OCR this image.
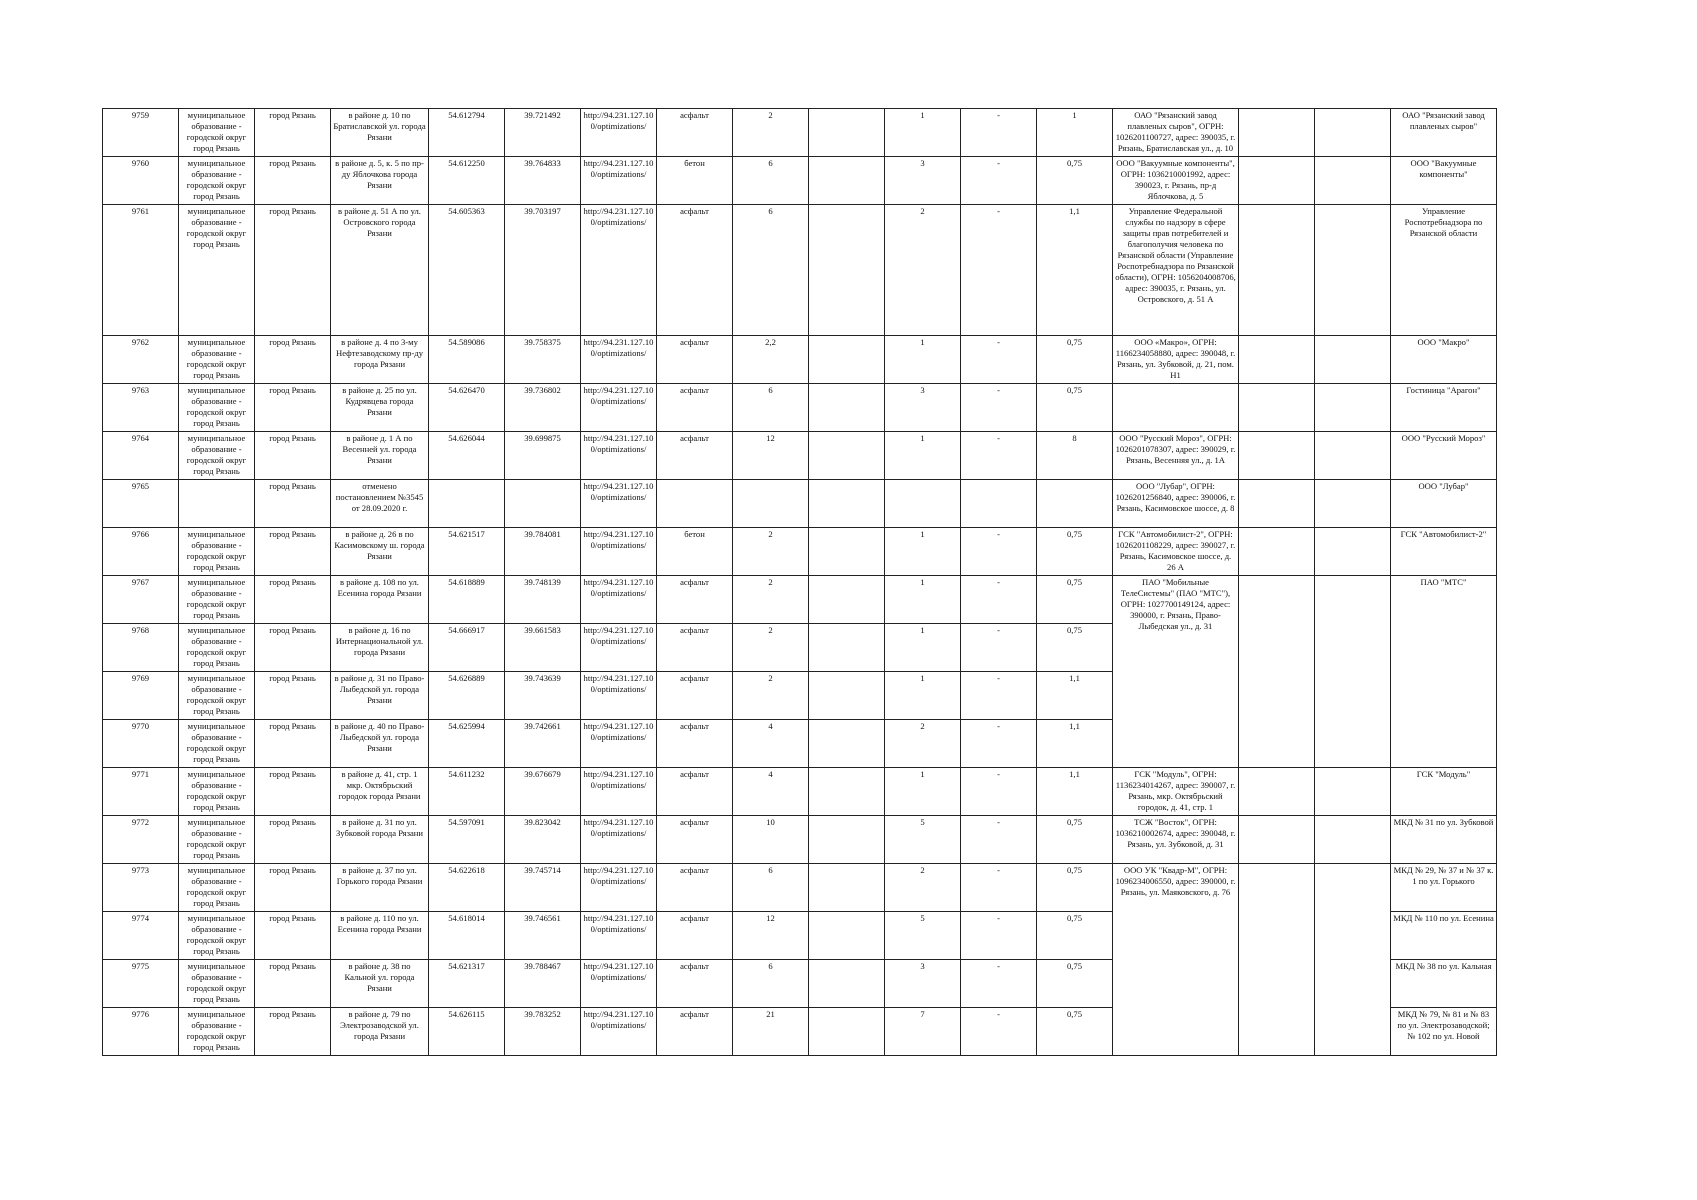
9759	муниципальное образование - городской округ город Рязань	город Рязань	в районе д. 10 по Братиславской ул. города Рязани	54.612794	39.721492	http://94.231.127.10 0/optimizations/	асфальт	2		1	-	1	ОАО "Рязанский завод плавленых сыров", ОГРН: 1026201100727, адрес: 390035, г. Рязань, Братиславская ул., д. 10			ОАО "Рязанский завод плавленых сыров"
9760	муниципальное образование - городской округ город Рязань	город Рязань	в районе д. 5, к. 5 по пр-ду Яблочкова города Рязани	54.612250	39.764833	http://94.231.127.10 0/optimizations/	бетон	6		3	-	0,75	ООО "Вакуумные компоненты", ОГРН: 1036210001992, адрес: 390023, г. Рязань, пр-д Яблочкова, д. 5			ООО "Вакуумные компоненты"
9761	муниципальное образование - городской округ город Рязань	город Рязань	в районе д. 51 А по ул. Островского города Рязани	54.605363	39.703197	http://94.231.127.10 0/optimizations/	асфальт	6		2	-	1,1	Управление Федеральной службы по надзору в сфере защиты прав потребителей и благополучия человека по Рязанской области (Управление Роспотребнадзора по Рязанской области), ОГРН: 1056204008706, адрес: 390035, г. Рязань, ул. Островского, д. 51 А			Управление Роспотребнадзора по Рязанской области
9762	муниципальное образование - городской округ город Рязань	город Рязань	в районе д. 4 по 3-му Нефтезаводскому пр-ду города Рязани	54.589086	39.758375	http://94.231.127.10 0/optimizations/	асфальт	2,2		1	-	0,75	ООО «Макро», ОГРН: 1166234058880, адрес: 390048, г. Рязань, ул. Зубковой, д. 21, пом. Н1			ООО "Макро"
9763	муниципальное образование - городской округ город Рязань	город Рязань	в районе д. 25 по ул. Кудрявцева города Рязани	54.626470	39.736802	http://94.231.127.10 0/optimizations/	асфальт	6		3	-	0,75				Гостиница "Арагон"
9764	муниципальное образование - городской округ город Рязань	город Рязань	в районе д. 1 А по Весенней ул. города Рязани	54.626044	39.699875	http://94.231.127.10 0/optimizations/	асфальт	12		1	-	8	ООО "Русский Мороз", ОГРН: 1026201078307, адрес: 390029, г. Рязань, Весенняя ул., д. 1А			ООО "Русский Мороз"
9765		город Рязань	отменено постановлением №3545 от 28.09.2020 г.			http://94.231.127.10 0/optimizations/							ООО "Лубар", ОГРН: 1026201256840, адрес: 390006, г. Рязань, Касимовское шоссе, д. 8			ООО "Лубар"
9766	муниципальное образование - городской округ город Рязань	город Рязань	в районе д. 26 в по Касимовскому ш. города Рязани	54.621517	39.784081	http://94.231.127.10 0/optimizations/	бетон	2		1	-	0,75	ГСК "Автомобилист-2", ОГРН: 1026201108229, адрес: 390027, г. Рязань, Касимовское шоссе, д. 26 А			ГСК "Автомобилист-2"
9767	муниципальное образование - городской округ город Рязань	город Рязань	в районе д. 108 по ул. Есенина города Рязани	54.618889	39.748139	http://94.231.127.10 0/optimizations/	асфальт	2		1	-	0,75	ПАО "Мобильные ТелеСистемы" (ПАО "МТС"), ОГРН: 1027700149124, адрес: 390000, г. Рязань, Право-Лыбедская ул., д. 31			ПАО "МТС"
9768	муниципальное образование - городской округ город Рязань	город Рязань	в районе д. 16 по Интернациональной ул. города Рязани	54.666917	39.661583	http://94.231.127.10 0/optimizations/	асфальт	2		1	-	0,75				
9769	муниципальное образование - городской округ город Рязань	город Рязань	в районе д. 31 по Право-Лыбедской ул. города Рязани	54.626889	39.743639	http://94.231.127.10 0/optimizations/	асфальт	2		1	-	1,1				
9770	муниципальное образование - городской округ город Рязань	город Рязань	в районе д. 40 по Право-Лыбедской ул. города Рязани	54.625994	39.742661	http://94.231.127.10 0/optimizations/	асфальт	4		2	-	1,1				
9771	муниципальное образование - городской округ город Рязань	город Рязань	в районе д. 41, стр. 1 мкр. Октябрьский городок города Рязани	54.611232	39.676679	http://94.231.127.10 0/optimizations/	асфальт	4		1	-	1,1	ГСК "Модуль", ОГРН: 1136234014267, адрес: 390007, г. Рязань, мкр. Октябрьский городок, д. 41, стр. 1			ГСК "Модуль"
9772	муниципальное образование - городской округ город Рязань	город Рязань	в районе д. 31 по ул. Зубковой города Рязани	54.597091	39.823042	http://94.231.127.10 0/optimizations/	асфальт	10		5	-	0,75	ТСЖ "Восток", ОГРН: 1036210002674, адрес: 390048, г. Рязань, ул. Зубковой, д. 31			МКД № 31 по ул. Зубковой
9773	муниципальное образование - городской округ город Рязань	город Рязань	в районе д. 37 по ул. Горького города Рязани	54.622618	39.745714	http://94.231.127.10 0/optimizations/	асфальт	6		2	-	0,75	ООО УК "Квадр-М", ОГРН: 1096234006550, адрес: 390000, г. Рязань, ул. Маяковского, д. 76			МКД № 29, № 37 и № 37 к. 1 по ул. Горького
9774	муниципальное образование - городской округ город Рязань	город Рязань	в районе д. 110 по ул. Есенина города Рязани	54.618014	39.746561	http://94.231.127.10 0/optimizations/	асфальт	12		5	-	0,75				МКД № 110 по ул. Есенина
9775	муниципальное образование - городской округ город Рязань	город Рязань	в районе д. 38 по Кальной ул. города Рязани	54.621317	39.788467	http://94.231.127.10 0/optimizations/	асфальт	6		3	-	0,75				МКД № 38 по ул. Кальная
9776	муниципальное образование - городской округ город Рязань	город Рязань	в районе д. 79 по Электрозаводской ул. города Рязани	54.626115	39.783252	http://94.231.127.10 0/optimizations/	асфальт	21		7	-	0,75				МКД № 79, № 81 и № 83 по ул. Электрозаводской; № 102 по ул. Новой
